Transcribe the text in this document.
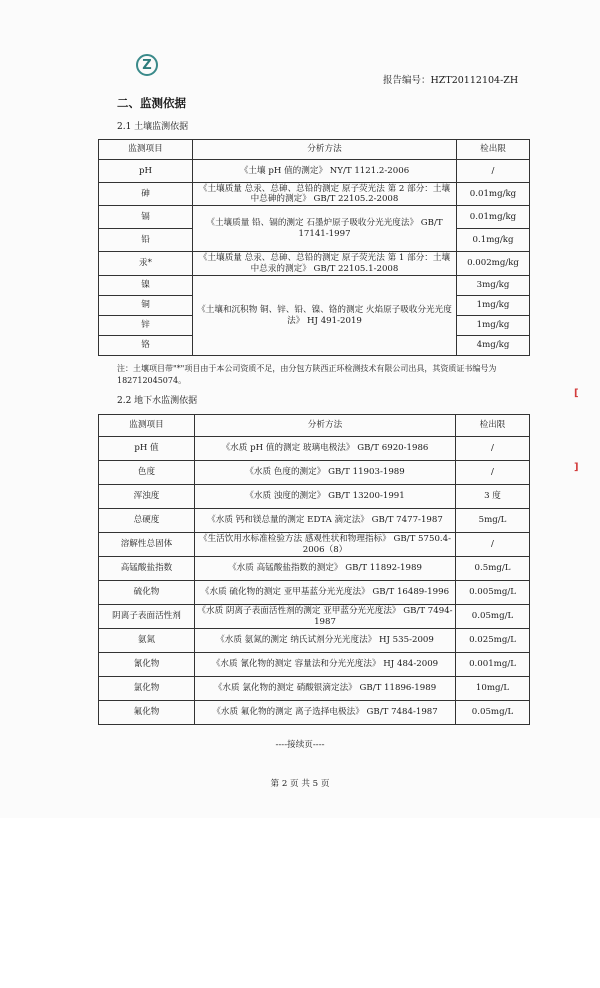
Z
报告编号：HZT20112104-ZH
二、监测依据
2.1 土壤监测依据
监测项目	分析方法	检出限
pH	《土壤 pH 值的测定》 NY/T 1121.2-2006	/
砷	《土壤质量 总汞、总砷、总铅的测定 原子荧光法 第 2 部分：土壤中总砷的测定》 GB/T 22105.2-2008	0.01mg/kg
镉	《土壤质量 铅、镉的测定 石墨炉原子吸收分光光度法》 GB/T 17141-1997	0.01mg/kg
铅		0.1mg/kg
汞*	《土壤质量 总汞、总砷、总铅的测定 原子荧光法 第 1 部分：土壤中总汞的测定》 GB/T 22105.1-2008	0.002mg/kg
镍	《土壤和沉积物 铜、锌、铅、镍、铬的测定 火焰原子吸收分光光度法》 HJ 491-2019	3mg/kg
铜		1mg/kg
锌		1mg/kg
铬		4mg/kg
注：土壤项目带"*"项目由于本公司资质不足，由分包方陕西正环检测技术有限公司出具，其资质证书编号为 182712045074。
2.2 地下水监测依据
监测项目	分析方法	检出限
pH 值	《水质 pH 值的测定 玻璃电极法》 GB/T 6920-1986	/
色度	《水质 色度的测定》 GB/T 11903-1989	/
浑浊度	《水质 浊度的测定》 GB/T 13200-1991	3 度
总硬度	《水质 钙和镁总量的测定 EDTA 滴定法》 GB/T 7477-1987	5mg/L
溶解性总固体	《生活饮用水标准检验方法 感观性状和物理指标》 GB/T 5750.4-2006（8）	/
高锰酸盐指数	《水质 高锰酸盐指数的测定》 GB/T 11892-1989	0.5mg/L
硫化物	《水质 硫化物的测定 亚甲基蓝分光光度法》 GB/T 16489-1996	0.005mg/L
阴离子表面活性剂	《水质 阴离子表面活性剂的测定 亚甲蓝分光光度法》 GB/T 7494-1987	0.05mg/L
氨氮	《水质 氨氮的测定 纳氏试剂分光光度法》 HJ 535-2009	0.025mg/L
氰化物	《水质 氰化物的测定 容量法和分光光度法》 HJ 484-2009	0.001mg/L
氯化物	《水质 氯化物的测定 硝酸银滴定法》 GB/T 11896-1989	10mg/L
氟化物	《水质 氟化物的测定 离子选择电极法》 GB/T 7484-1987	0.05mg/L
----接续页----
第 2 页 共 5 页
[
]
